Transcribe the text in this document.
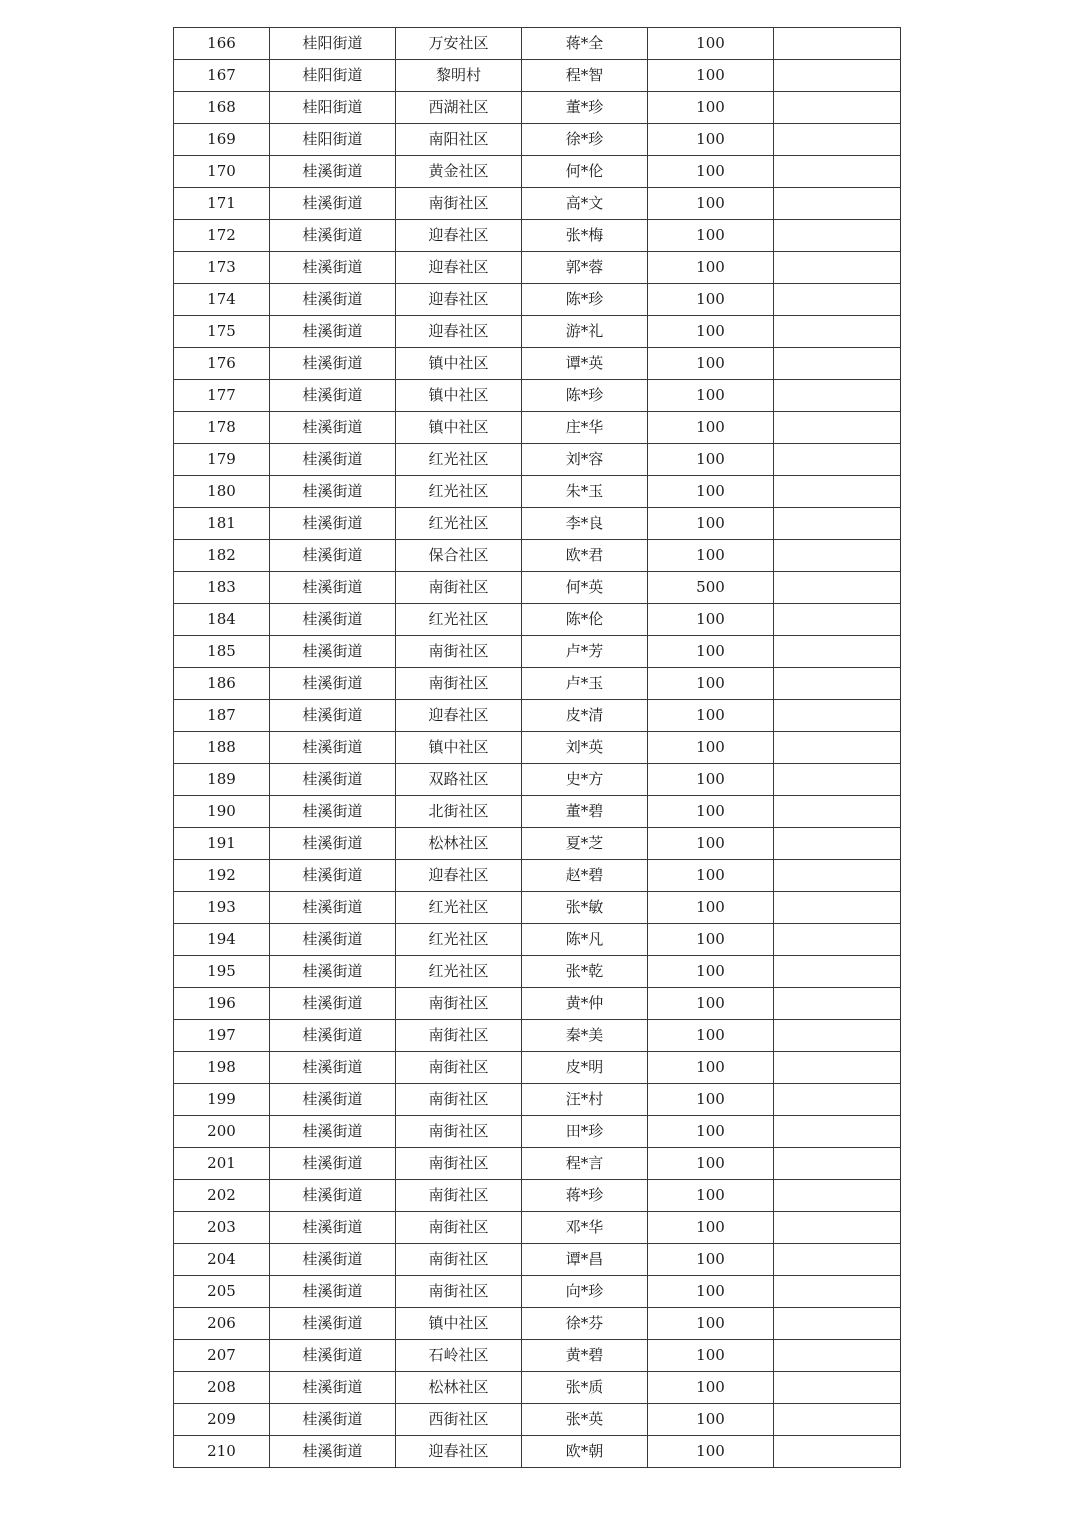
166	桂阳街道	万安社区	蒋*全	100	
167	桂阳街道	黎明村	程*智	100	
168	桂阳街道	西湖社区	董*珍	100	
169	桂阳街道	南阳社区	徐*珍	100	
170	桂溪街道	黄金社区	何*伦	100	
171	桂溪街道	南街社区	高*文	100	
172	桂溪街道	迎春社区	张*梅	100	
173	桂溪街道	迎春社区	郭*蓉	100	
174	桂溪街道	迎春社区	陈*珍	100	
175	桂溪街道	迎春社区	游*礼	100	
176	桂溪街道	镇中社区	谭*英	100	
177	桂溪街道	镇中社区	陈*珍	100	
178	桂溪街道	镇中社区	庄*华	100	
179	桂溪街道	红光社区	刘*容	100	
180	桂溪街道	红光社区	朱*玉	100	
181	桂溪街道	红光社区	李*良	100	
182	桂溪街道	保合社区	欧*君	100	
183	桂溪街道	南街社区	何*英	500	
184	桂溪街道	红光社区	陈*伦	100	
185	桂溪街道	南街社区	卢*芳	100	
186	桂溪街道	南街社区	卢*玉	100	
187	桂溪街道	迎春社区	皮*清	100	
188	桂溪街道	镇中社区	刘*英	100	
189	桂溪街道	双路社区	史*方	100	
190	桂溪街道	北街社区	董*碧	100	
191	桂溪街道	松林社区	夏*芝	100	
192	桂溪街道	迎春社区	赵*碧	100	
193	桂溪街道	红光社区	张*敏	100	
194	桂溪街道	红光社区	陈*凡	100	
195	桂溪街道	红光社区	张*乾	100	
196	桂溪街道	南街社区	黄*仲	100	
197	桂溪街道	南街社区	秦*美	100	
198	桂溪街道	南街社区	皮*明	100	
199	桂溪街道	南街社区	汪*村	100	
200	桂溪街道	南街社区	田*珍	100	
201	桂溪街道	南街社区	程*言	100	
202	桂溪街道	南街社区	蒋*珍	100	
203	桂溪街道	南街社区	邓*华	100	
204	桂溪街道	南街社区	谭*昌	100	
205	桂溪街道	南街社区	向*珍	100	
206	桂溪街道	镇中社区	徐*芬	100	
207	桂溪街道	石岭社区	黄*碧	100	
208	桂溪街道	松林社区	张*质	100	
209	桂溪街道	西街社区	张*英	100	
210	桂溪街道	迎春社区	欧*朝	100	
